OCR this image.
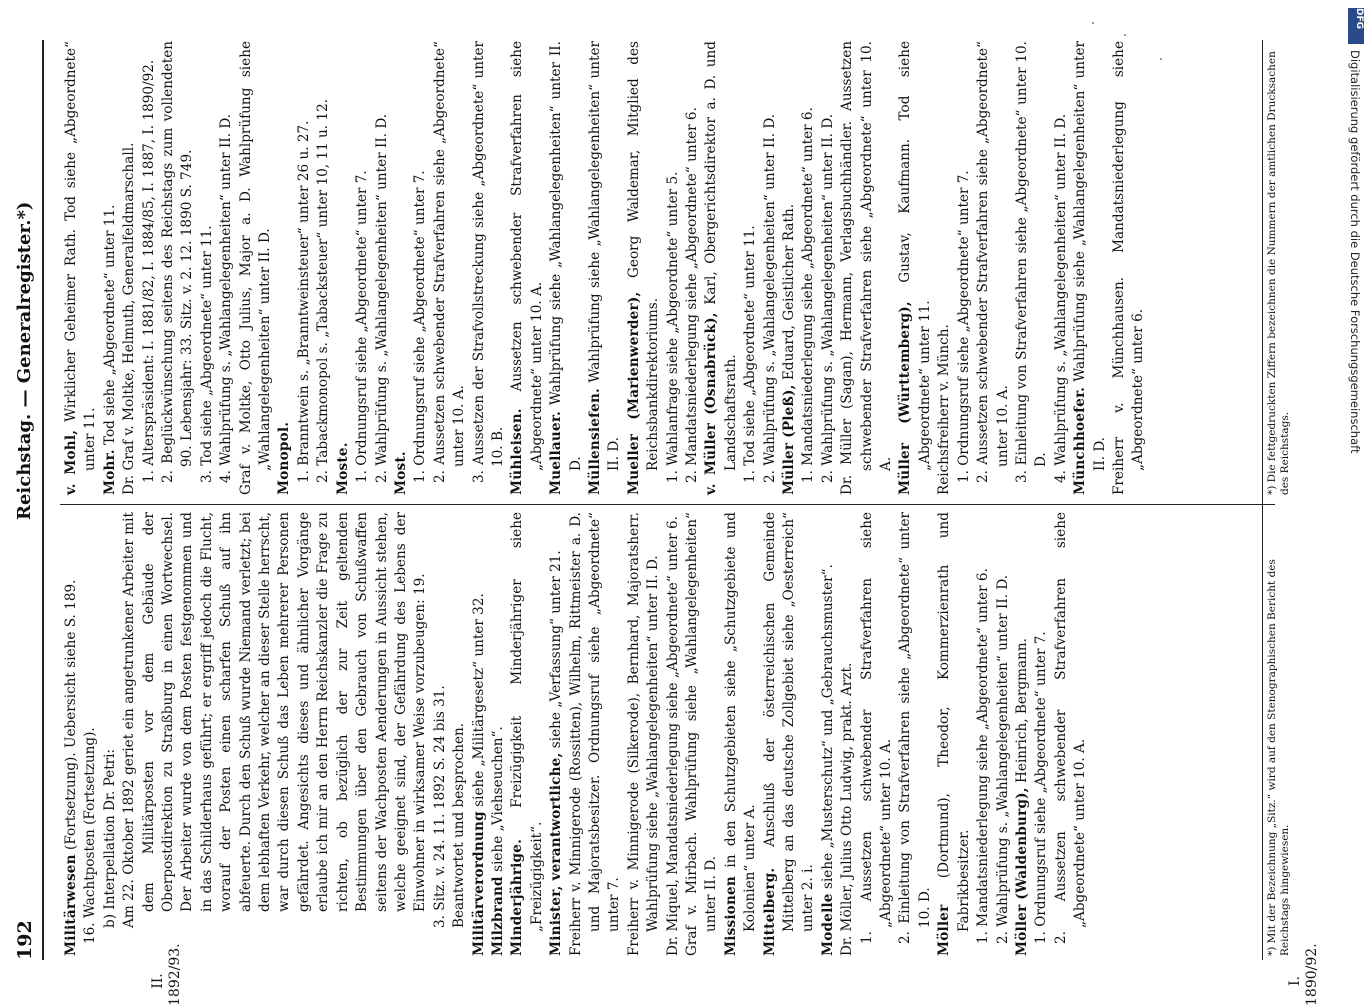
192
Reichstag. — Generalregister.*)
II. 1892/93.	I. 1890/92.

Militärwesen (Fortsetzung). Uebersicht siehe S. 189. 16. Wachtposten (Fortsetzung). b) Interpellation Dr. Petri: Am 22. Oktober 1892 geriet ein angetrunkener Arbeiter mit dem Militärposten vor dem Gebäude der Oberpostdirektion zu Straßburg in einen Wortwechsel. Der Arbeiter wurde von dem Posten festgenommen und in das Schilderhaus geführt; er ergriff jedoch die Flucht, worauf der Posten einen scharfen Schuß auf ihn abfeuerte. Durch den Schuß wurde Niemand verletzt; bei dem lebhaften Verkehr, welcher an dieser Stelle herrscht, war durch diesen Schuß das Leben mehrerer Personen gefährdet. Angesichts dieses und ähnlicher Vorgänge erlaube ich mir an den Herrn Reichskanzler die Frage zu richten, ob bezüglich der zur Zeit geltenden Bestimmungen über den Gebrauch von Schußwaffen seitens der Wachposten Aenderungen in Aussicht stehen, welche geeignet sind, der Gefährdung des Lebens der Einwohner in wirksamer Weise vorzubeugen: 19. 3. Sitz. v. 24. 11. 1892 S. 24 bis 31. Beantwortet und besprochen. Militärverordnung siehe „Militärgesetz“ unter 32.

Milzbrand siehe „Viehseuchen“.

Minderjährige. Freizügigkeit Minderjähriger siehe „Freizügigkeit“. Minister, verantwortliche, siehe „Verfassung“ unter 21. Freiherr v. Minnigerode (Rossitten), Wilhelm, Rittmeister a. D. und Majoratsbesitzer. Ordnungsruf siehe „Abgeordnete“ unter 7. Freiherr v. Minnigerode (Silkerode), Bernhard, Majoratsherr. Wahlprüfung siehe „Wahlangelegenheiten“ unter II. D. Dr. Miquel, Mandatsniederlegung siehe „Abgeordnete“ unter 6. Graf v. Mirbach. Wahlprüfung siehe „Wahlangelegenheiten“ unter II. D. Missionen in den Schutzgebieten siehe „Schutzgebiete und Kolonien“ unter A. Mittelberg. Anschluß der österreichischen Gemeinde Mittelberg an das deutsche Zollgebiet siehe „Oesterreich“ unter 2. i. Modelle siehe „Musterschutz“ und „Gebrauchsmuster“. Dr. Möller, Julius Otto Ludwig, prakt. Arzt. 1. Aussetzen schwebender Strafverfahren siehe „Abgeordnete“ unter 10. A. 2. Einleitung von Strafverfahren siehe „Abgeordnete“ unter 10. D. Möller (Dortmund), Theodor, Kommerzienrath und Fabrikbesitzer. 1. Mandatsniederlegung siehe „Abgeordnete“ unter 6. 2. Wahlprüfung s. „Wahlangelegenheiten“ unter II. D. Möller (Waldenburg), Heinrich, Bergmann. 1. Ordnungsruf siehe „Abgeordnete“ unter 7. 2. Aussetzen schwebender Strafverfahren siehe „Abgeordnete“ unter 10. A.

v. Mohl, Wirklicher Geheimer Rath. Tod siehe „Abgeordnete“ unter 11.

Mohr. Tod siehe „Abgeordnete“ unter 11. Dr. Graf v. Moltke, Helmuth, Generalfeldmarschall. 1. Alterspräsident: I. 1881/82, I. 1884/85, I. 1887, I. 1890/92. 2. Beglückwünschung seitens des Reichstags zum vollendeten 90. Lebensjahr: 33. Sitz. v. 2. 12. 1890 S. 749. 3. Tod siehe „Abgeordnete“ unter 11. 4. Wahlprüfung s. „Wahlangelegenheiten“ unter II. D. Graf v. Moltke, Otto Julius, Major a. D. Wahlprüfung siehe „Wahlangelegenheiten“ unter II. D. Monopol. 1. Branntwein s. „Branntweinsteuer“ unter 26 u. 27. 2. Tabackmonopol s. „Tabacksteuer“ unter 10, 11 u. 12. Moste. 1. Ordnungsruf siehe „Abgeordnete“ unter 7. 2. Wahlprüfung s. „Wahlangelegenheiten“ unter II. D. Most. 1. Ordnungsruf siehe „Abgeordnete“ unter 7. 2. Aussetzen schwebender Strafverfahren siehe „Abgeordnete“ unter 10. A. 3. Aussetzen der Strafvollstreckung siehe „Abgeordnete“ unter 10. B. Mühleisen. Aussetzen schwebender Strafverfahren siehe „Abgeordnete“ unter 10. A. Muellauer. Wahlprüfung siehe „Wahlangelegenheiten“ unter II. D. Müllensiefen. Wahlprüfung siehe „Wahlangelegenheiten“ unter II. D. Mueller (Marienwerder), Georg Waldemar, Mitglied des Reichsbankdirektoriums. 1. Wahlanfrage siehe „Abgeordnete“ unter 5. 2. Mandatsniederlegung siehe „Abgeordnete“ unter 6. v. Müller (Osnabrück), Karl, Obergerichtsdirektor a. D. und Landschaftsrath. 1. Tod siehe „Abgeordnete“ unter 11. 2. Wahlprüfung s. „Wahlangelegenheiten“ unter II. D. Müller (Pleß), Eduard, Geistlicher Rath. 1. Mandatsniederlegung siehe „Abgeordnete“ unter 6. 2. Wahlprüfung s. „Wahlangelegenheiten“ unter II. D. Dr. Müller (Sagan), Hermann, Verlagsbuchhändler. Aussetzen schwebender Strafverfahren siehe „Abgeordnete“ unter 10. A. Müller (Württemberg), Gustav, Kaufmann. Tod siehe „Abgeordnete“ unter 11. Reichsfreiherr v. Münch. 1. Ordnungsruf siehe „Abgeordnete“ unter 7. 2. Aussetzen schwebender Strafverfahren siehe „Abgeordnete“ unter 10. A. 3. Einleitung von Strafverfahren siehe „Abgeordnete“ unter 10. D. 4. Wahlprüfung s. „Wahlangelegenheiten“ unter II. D. Münchhoefer. Wahlprüfung siehe „Wahlangelegenheiten“ unter II. D. Freiherr v. Münchhausen. Mandatsniederlegung siehe „Abgeordnete“ unter 6.

*) Mit der Bezeichnung „Sitz.“ wird auf den Stenographischen Bericht des Reichstags hingewiesen.
*) Die fettgedruckten Ziffern bezeichnen die Nummern der amtlichen Drucksachen des Reichstags.
DFG
Digitalisierung gefördert durch die Deutsche Forschungsgemeinschaft
